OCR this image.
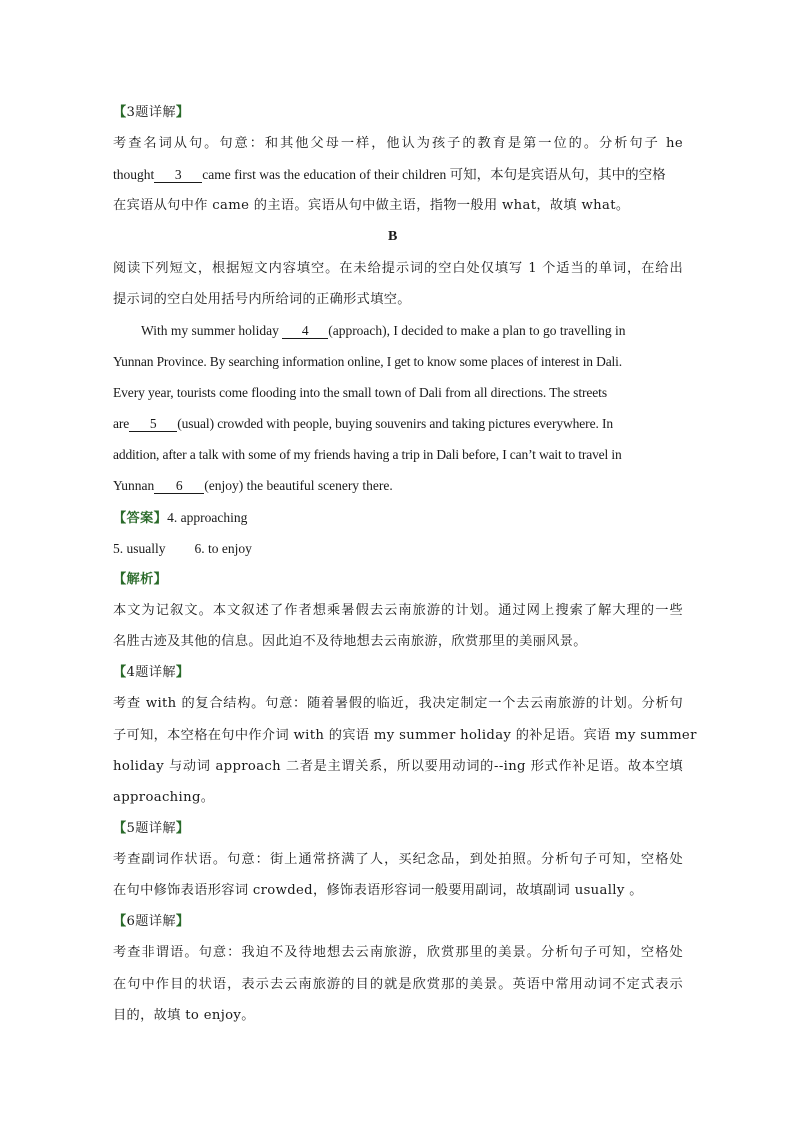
【3题详解】
考查名词从句。句意：和其他父母一样，他认为孩子的教育是第一位的。分析句子 he
thought 3 came first was the education of their children 可知，本句是宾语从句，其中的空格
在宾语从句中作 came 的主语。宾语从句中做主语，指物一般用 what，故填 what。
B
阅读下列短文，根据短文内容填空。在未给提示词的空白处仅填写 1 个适当的单词，在给出
提示词的空白处用括号内所给词的正确形式填空。
With my summer holiday 4 (approach), I decided to make a plan to go travelling in
Yunnan Province. By searching information online, I get to know some places of interest in Dali.
Every year, tourists come flooding into the small town of Dali from all directions. The streets
are 5 (usual) crowded with people, buying souvenirs and taking pictures everywhere. In
addition, after a talk with some of my friends having a trip in Dali before, I can’t wait to travel in
Yunnan 6 (enjoy) the beautiful scenery there.
【答案】4. approaching
5. usually 6. to enjoy
【解析】
本文为记叙文。本文叙述了作者想乘暑假去云南旅游的计划。通过网上搜索了解大理的一些
名胜古迹及其他的信息。因此迫不及待地想去云南旅游，欣赏那里的美丽风景。
【4题详解】
考查 with 的复合结构。句意：随着暑假的临近，我决定制定一个去云南旅游的计划。分析句
子可知，本空格在句中作介词 with 的宾语 my summer holiday 的补足语。宾语 my summer
holiday 与动词 approach 二者是主谓关系，所以要用动词的--ing 形式作补足语。故本空填
approaching。
【5题详解】
考查副词作状语。句意：街上通常挤满了人，买纪念品，到处拍照。分析句子可知，空格处
在句中修饰表语形容词 crowded，修饰表语形容词一般要用副词，故填副词 usually 。
【6题详解】
考查非谓语。句意：我迫不及待地想去云南旅游，欣赏那里的美景。分析句子可知，空格处
在句中作目的状语，表示去云南旅游的目的就是欣赏那的美景。英语中常用动词不定式表示
目的，故填 to enjoy。
